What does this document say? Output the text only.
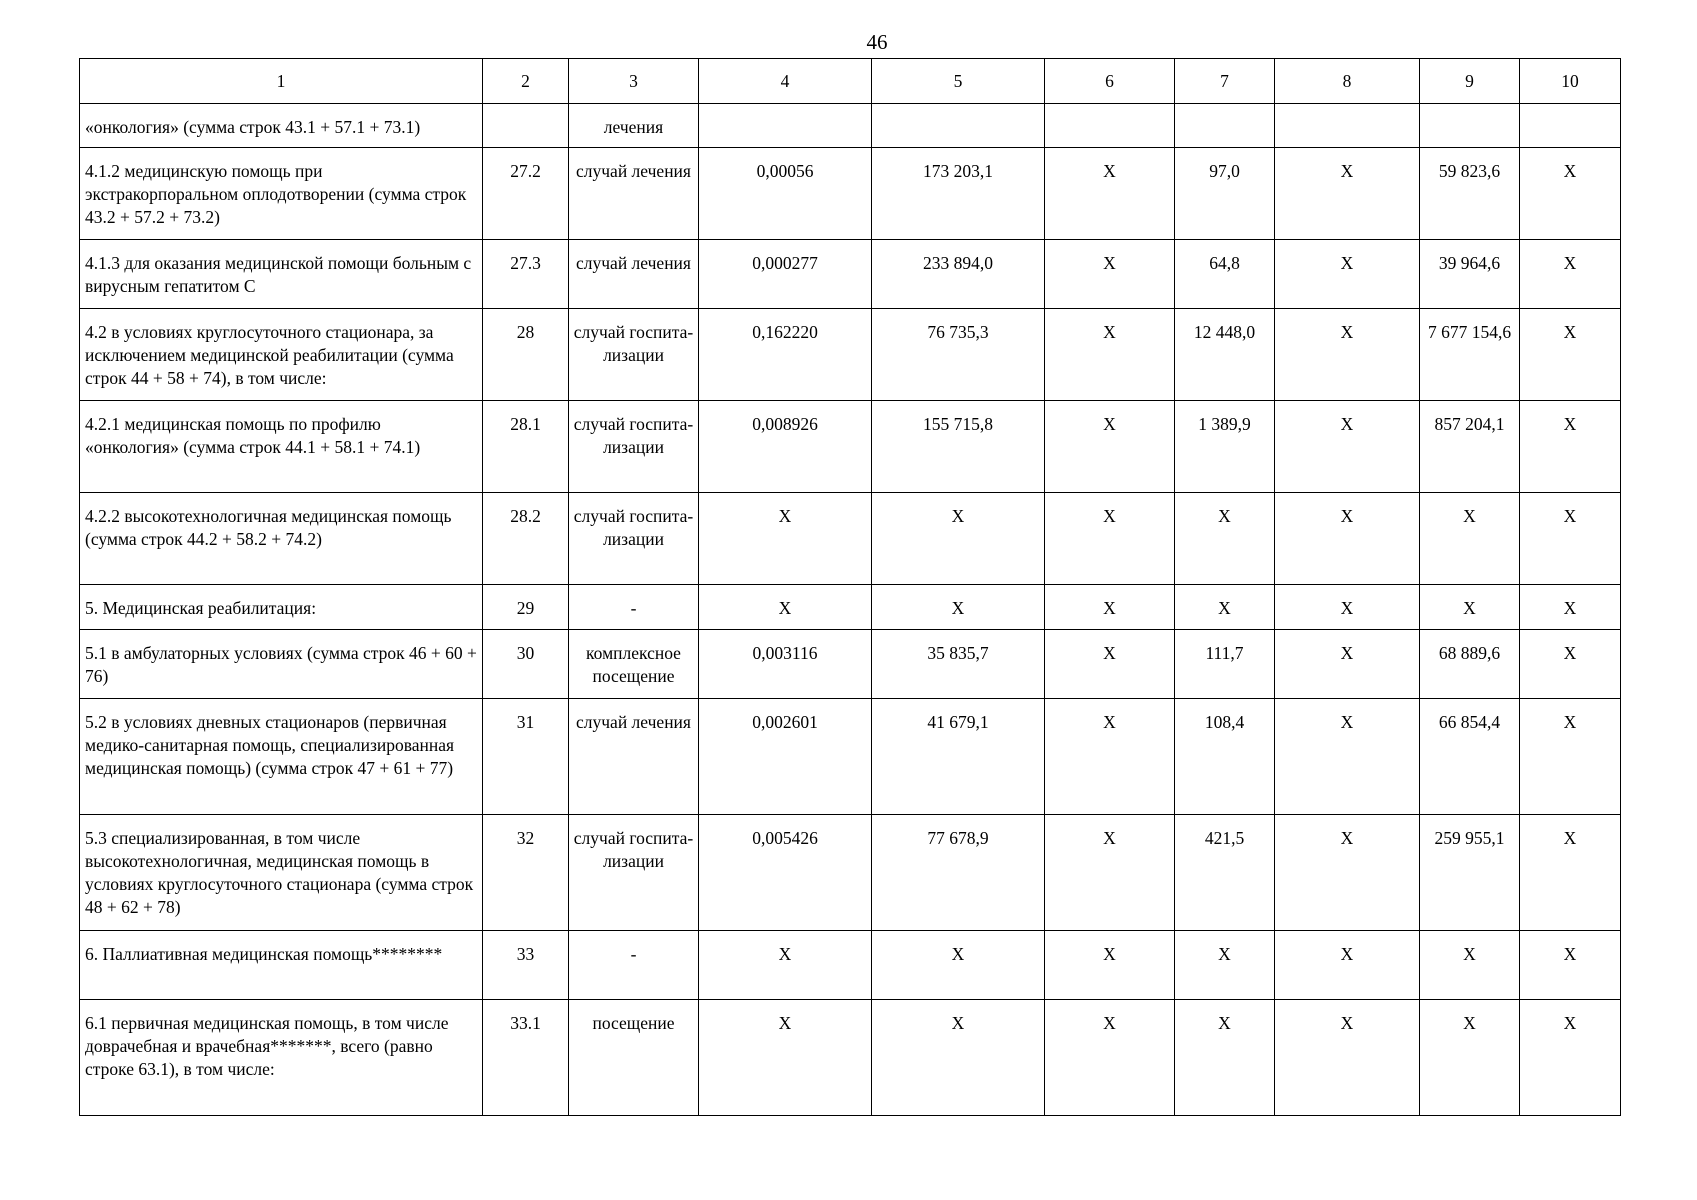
46
1	2	3	4	5	6	7	8	9	10
«онкология» (сумма строк 43.1 + 57.1 + 73.1)		лечения							
4.1.2 медицинскую помощь при экстракорпоральном оплодотворении (сумма строк 43.2 + 57.2 + 73.2)	27.2	случай лечения	0,00056	173 203,1	X	97,0	X	59 823,6	X
4.1.3 для оказания медицинской помощи больным с вирусным гепатитом С	27.3	случай лечения	0,000277	233 894,0	X	64,8	X	39 964,6	X
4.2 в условиях круглосуточного стационара, за исключением медицинской реабилитации (сумма строк 44 + 58 + 74), в том числе:	28	случай госпита-лизации	0,162220	76 735,3	X	12 448,0	X	7 677 154,6	X
4.2.1 медицинская помощь по профилю «онкология» (сумма строк 44.1 + 58.1 + 74.1)	28.1	случай госпита-лизации	0,008926	155 715,8	X	1 389,9	X	857 204,1	X
4.2.2 высокотехнологичная медицинская помощь (сумма строк 44.2 + 58.2 + 74.2)	28.2	случай госпита-лизации	X	X	X	X	X	X	X
5. Медицинская реабилитация:	29	-	X	X	X	X	X	X	X
5.1 в амбулаторных условиях (сумма строк 46 + 60 + 76)	30	комплексное посещение	0,003116	35 835,7	X	111,7	X	68 889,6	X
5.2 в условиях дневных стационаров (первичная медико-санитарная помощь, специализированная медицинская помощь) (сумма строк 47 + 61 + 77)	31	случай лечения	0,002601	41 679,1	X	108,4	X	66 854,4	X
5.3 специализированная, в том числе высокотехнологичная, медицинская помощь в условиях круглосуточного стационара (сумма строк 48 + 62 + 78)	32	случай госпита-лизации	0,005426	77 678,9	X	421,5	X	259 955,1	X
6. Паллиативная медицинская помощь********	33	-	X	X	X	X	X	X	X
6.1 первичная медицинская помощь, в том числе доврачебная и врачебная*******, всего (равно строке 63.1), в том числе:	33.1	посещение	X	X	X	X	X	X	X
